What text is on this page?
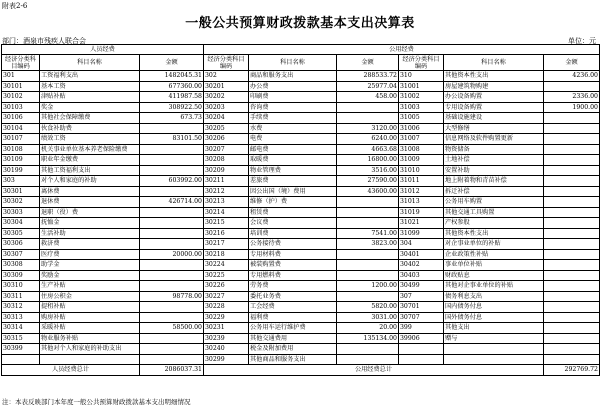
附表2-6
一般公共预算财政拨款基本支出决算表
部门：酒泉市残疾人联合会	单位：元
人员经费			公用经费					
经济分类科目编码	科目名称	金额	经济分类科目编码	科目名称	金额	经济分类科目编码	科目名称	金额
301	工资福利支出	1482045.31	302	商品和服务支出	288533.72	310	其他资本性支出	4236.00
30101	基本工资	677360.00	30201	办公费	25977.04	31001	房屋建筑物购建	
30102	津贴补贴	411987.58	30202	印刷费	458.00	31002	办公设备购置	2336.00
30103	奖金	308922.50	30203	咨询费		31003	专用设备购置	1900.00
30106	其他社会保障缴费	673.73	30204	手续费		31005	基础设施建设	
30104	伙食补助费		30205	水费	3120.00	31006	大型修缮	
30107	绩效工资	83101.50	30206	电费	6240.00	31007	信息网络及软件购置更新	
30108	机关事业单位基本养老保险缴费		30207	邮电费	4663.68	31008	物资储备	
30109	职业年金缴费		30208	取暖费	16800.00	31009	土地补偿	
30199	其他工资福利支出		30209	物业管理费	3516.00	31010	安置补助	
303	对个人和家庭的补助	603992.00	30211	差旅费	27590.00	31011	地上附着物和青苗补偿	
30301	离休费		30212	因公出国（境）费用	43600.00	31012	拆迁补偿	
30302	退休费	426714.00	30213	维修（护）费		31013	公务用车购置	
30303	退职（役）费		30214	租赁费		31019	其他交通工具购置	
30304	抚恤金		30215	会议费		31021	产权参股	
30305	生活补助		30216	培训费	7541.00	31099	其他资本性支出	
30306	救济费		30217	公务接待费	3823.00	304	对企事业单位的补贴	
30307	医疗费	20000.00	30218	专用材料费		30401	企业政策性补贴	
30308	助学金		30224	被装购置费		30402	事业单位补贴	
30309	奖励金		30225	专用燃料费		30403	财政贴息	
30310	生产补贴		30226	劳务费	1200.00	30499	其他对企事业单位的补贴	
30311	住房公积金	98778.00	30227	委托业务费		307	债务利息支出	
30312	提租补贴		30228	工会经费	5820.00	30701	国内债务付息	
30313	购房补贴		30229	福利费	3031.00	30707	国外债务付息	
30314	采暖补贴	58500.00	30231	公务用车运行维护费	20.00	399	其他支出	
30315	物业服务补贴		30239	其他交通费用	135134.00	39906	赠与	
30399	其他对个人和家庭的补助支出		30240	税金及附加费用				
			30299	其他商品和服务支出				
人员经费总计		2086037.31	公用经费总计					292769.72
注：本表反映部门本年度一般公共预算财政拨款基本支出明细情况
